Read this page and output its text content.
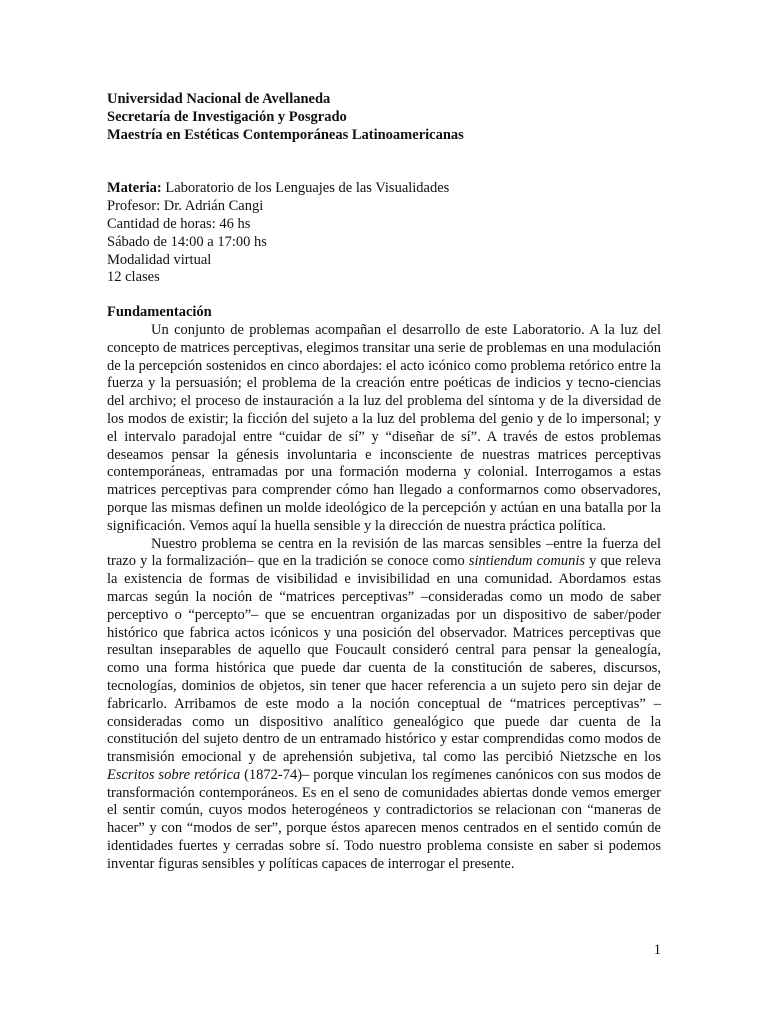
Universidad Nacional de Avellaneda
Secretaría de Investigación y Posgrado
Maestría en Estéticas Contemporáneas Latinoamericanas
Materia: Laboratorio de los Lenguajes de las Visualidades
Profesor: Dr. Adrián Cangi
Cantidad de horas: 46 hs
Sábado de 14:00 a 17:00 hs
Modalidad virtual
12 clases
Fundamentación

Un conjunto de problemas acompañan el desarrollo de este Laboratorio. A la luz del concepto de matrices perceptivas, elegimos transitar una serie de problemas en una modulación de la percepción sostenidos en cinco abordajes: el acto icónico como problema retórico entre la fuerza y la persuasión; el problema de la creación entre poéticas de indicios y tecno-ciencias del archivo; el proceso de instauración a la luz del problema del síntoma y de la diversidad de los modos de existir; la ficción del sujeto a la luz del problema del genio y de lo impersonal; y el intervalo paradojal entre “cuidar de sí” y “diseñar de sí”. A través de estos problemas deseamos pensar la génesis involuntaria e inconsciente de nuestras matrices perceptivas contemporáneas, entramadas por una formación moderna y colonial. Interrogamos a estas matrices perceptivas para comprender cómo han llegado a conformarnos como observadores, porque las mismas definen un molde ideológico de la percepción y actúan en una batalla por la significación. Vemos aquí la huella sensible y la dirección de nuestra práctica política.

Nuestro problema se centra en la revisión de las marcas sensibles –entre la fuerza del trazo y la formalización– que en la tradición se conoce como sintiendum comunis y que releva la existencia de formas de visibilidad e invisibilidad en una comunidad. Abordamos estas marcas según la noción de “matrices perceptivas” –consideradas como un modo de saber perceptivo o “percepto”– que se encuentran organizadas por un dispositivo de saber/poder histórico que fabrica actos icónicos y una posición del observador. Matrices perceptivas que resultan inseparables de aquello que Foucault consideró central para pensar la genealogía, como una forma histórica que puede dar cuenta de la constitución de saberes, discursos, tecnologías, dominios de objetos, sin tener que hacer referencia a un sujeto pero sin dejar de fabricarlo. Arribamos de este modo a la noción conceptual de “matrices perceptivas” –consideradas como un dispositivo analítico genealógico que puede dar cuenta de la constitución del sujeto dentro de un entramado histórico y estar comprendidas como modos de transmisión emocional y de aprehensión subjetiva, tal como las percibió Nietzsche en los Escritos sobre retórica (1872-74)– porque vinculan los regímenes canónicos con sus modos de transformación contemporáneos. Es en el seno de comunidades abiertas donde vemos emerger el sentir común, cuyos modos heterogéneos y contradictorios se relacionan con “maneras de hacer” y con “modos de ser”, porque éstos aparecen menos centrados en el sentido común de identidades fuertes y cerradas sobre sí. Todo nuestro problema consiste en saber si podemos inventar figuras sensibles y políticas capaces de interrogar el presente.

1
